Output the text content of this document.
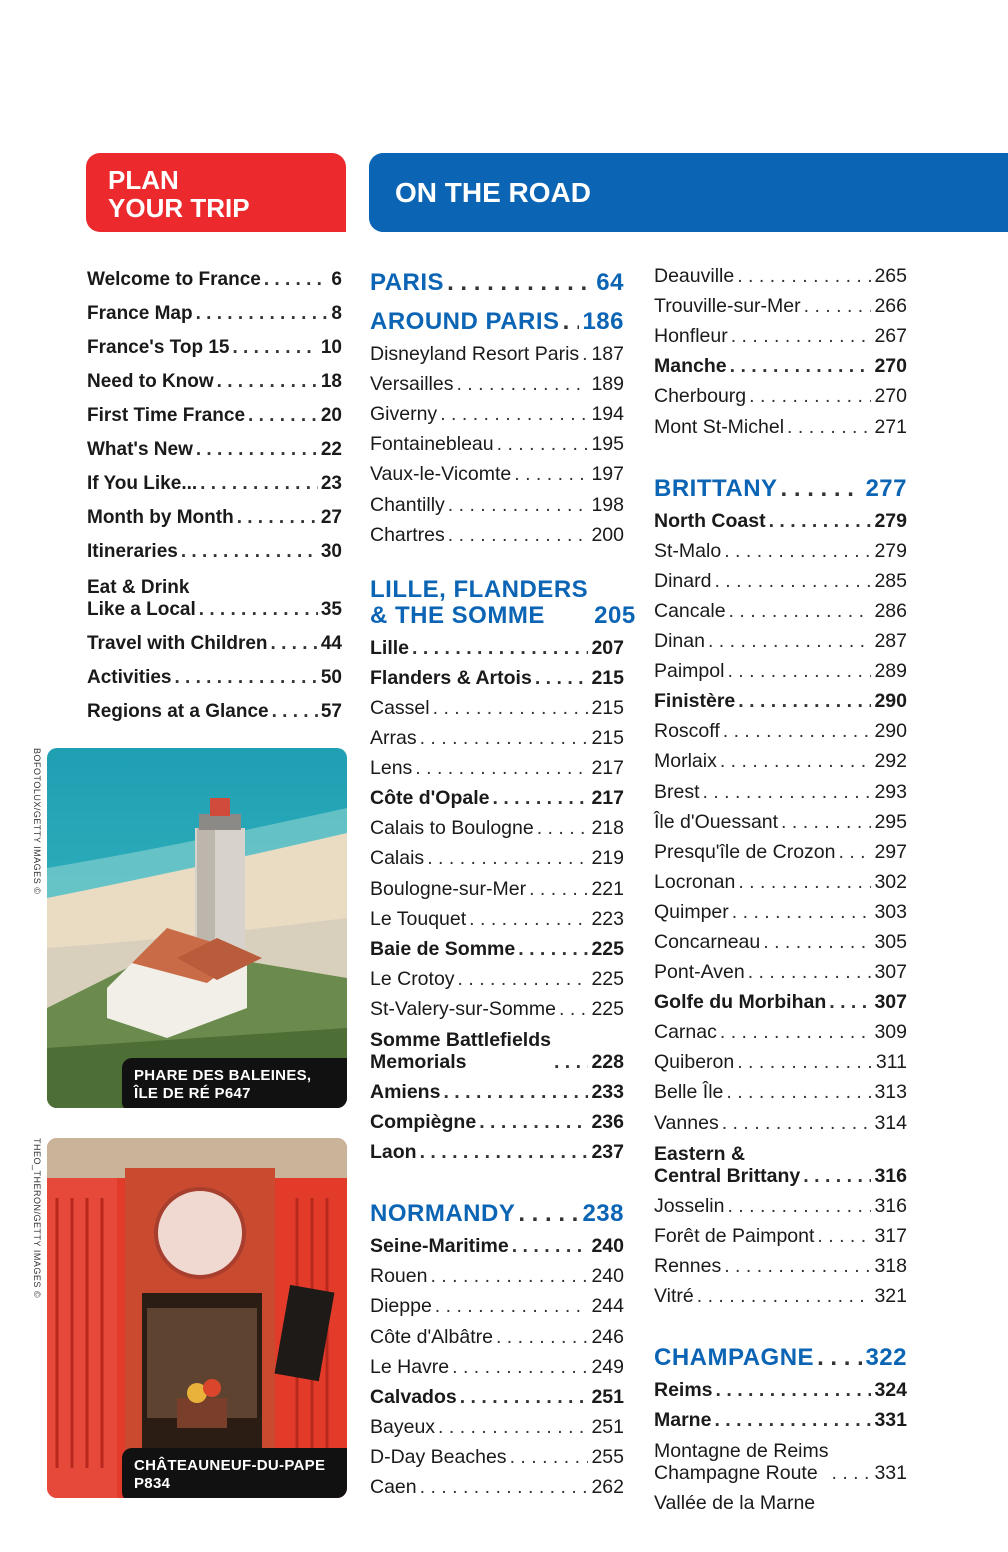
PLAN
YOUR TRIP	ON THE ROAD
Welcome to France . . .	6
France Map . . .	8
France's Top 15 . . .	10
Need to Know . . .	18
First Time France . . .	20
What's New . . .	22
If You Like... . . .	23
Month by Month . . .	27
Itineraries . . .	30
Eat & Drink
Like a Local . . .	35
Travel with Children . . .	44
Activities . . .	50
Regions at a Glance . . .	57
PARIS . . .	64
AROUND PARIS . . . 186
Disneyland Resort Paris . . . 187
Versailles . . .	189
Giverny . . .	194
Fontainebleau . . .	195
Vaux-le-Vicomte . . .	197
Chantilly . . .	198
Chartres . . .	200
LILLE, FLANDERS
& THE SOMME	205
Lille . . .	207
Flanders & Artois . . .	215
Cassel . . .	215
Arras . . .	215
Lens . . .	217
Côte d'Opale . . .	217
Calais to Boulogne . . .	218
Calais . . .	219
Boulogne-sur-Mer . . .	221
Le Touquet . . .	223
Baie de Somme . . .	225
Le Crotoy . . .	225
St-Valery-sur-Somme . . . 225
Somme Battlefields
Memorials . . .	228
Amiens . . .	233
Compiègne . . .	236
Laon . . .	237
NORMANDY . . .	238
Seine-Maritime . . .	240
Rouen . . .	240
Dieppe . . .	244
Côte d'Albâtre . . .	246
Le Havre . . .	249
Calvados . . .	251
Bayeux . . .	251
D-Day Beaches . . .	255
Caen . . .	262
Deauville . . .	265
Trouville-sur-Mer . . .	266
Honfleur . . .	267
Manche . . .	270
Cherbourg . . .	270
Mont St-Michel . . .	271
BRITTANY . . .	277
North Coast . . .	279
St-Malo . . .	279
Dinard . . .	285
Cancale . . .	286
Dinan . . .	287
Paimpol . . .	289
Finistère . . .	290
Roscoff . . .	290
Morlaix . . .	292
Brest . . .	293
Île d'Ouessant . . .	295
Presqu'île de Crozon . . . 297
Locronan . . .	302
Quimper . . .	303
Concarneau . . .	305
Pont-Aven . . .	307
Golfe du Morbihan . . . 307
Carnac . . .	309
Quiberon . . .	311
Belle Île . . .	313
Vannes . . .	314
Eastern &
Central Brittany . . .	316
Josselin . . .	316
Forêt de Paimpont . . .	317
Rennes . . .	318
Vitré . . .	321
CHAMPAGNE . . . 322
Reims . . .	324
Marne . . .	331
Montagne de Reims
Champagne Route . . .	331
Vallée de la Marne
PHARE DES BALEINES,
ÎLE DE RÉ P647
BOFOTOLUX/GETTY IMAGES ©
CHÂTEAUNEUF-DU-PAPE
P834
THEO_THERON/GETTY IMAGES ©
